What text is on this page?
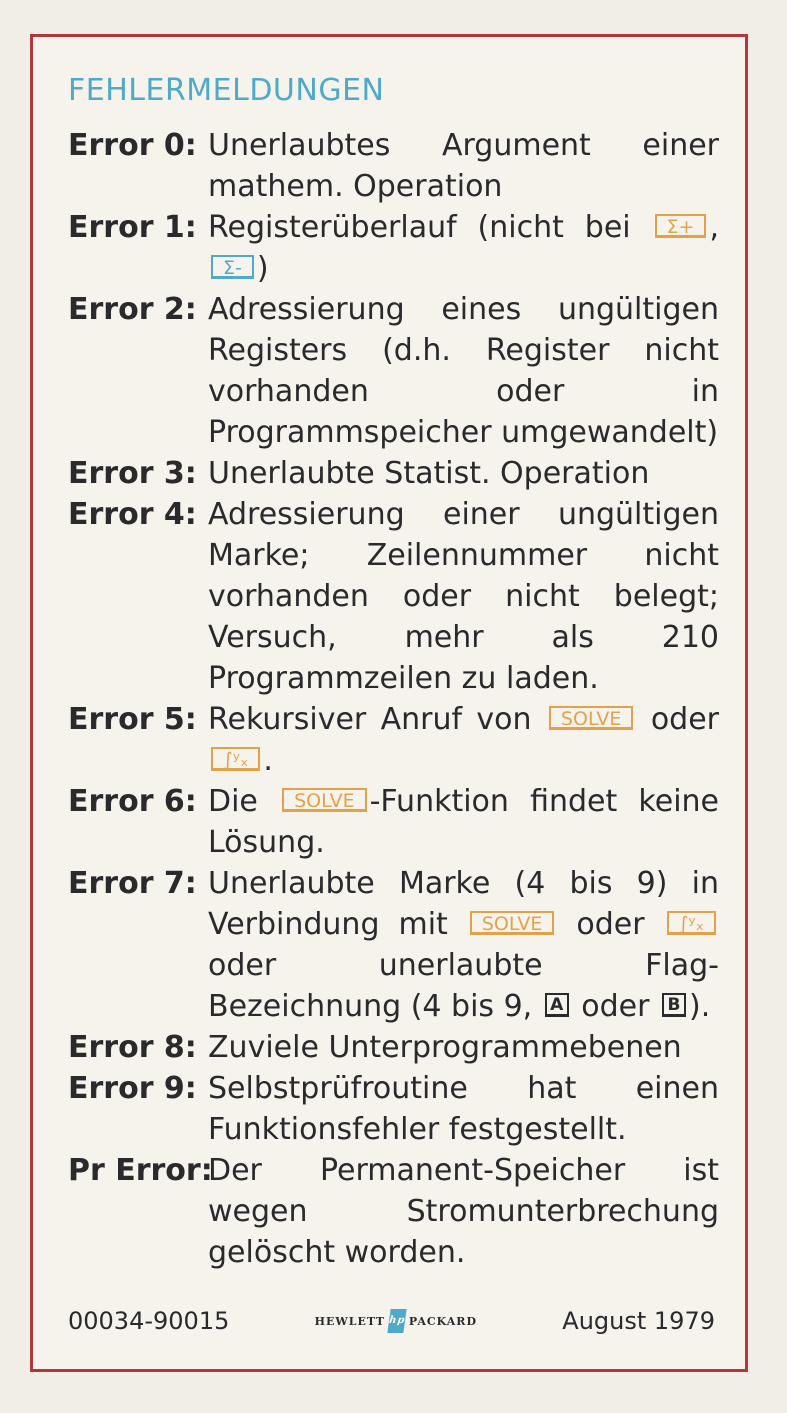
FEHLERMELDUNGEN
Error 0: Unerlaubtes Argument einer mathem. Operation
Error 1: Registerüberlauf (nicht bei Σ+ , Σ- )
Error 2: Adressierung eines ungültigen Registers (d.h. Register nicht vorhanden oder in Programmspeicher umgewandelt)
Error 3: Unerlaubte Statist. Operation
Error 4: Adressierung einer ungültigen Marke; Zeilennummer nicht vorhanden oder nicht belegt; Versuch, mehr als 210 Programmzeilen zu laden.
Error 5: Rekursiver Anruf von SOLVE oder ∫ʸₓ .
Error 6: Die SOLVE -Funktion findet keine Lösung.
Error 7: Unerlaubte Marke (4 bis 9) in Verbindung mit SOLVE oder ∫ʸₓ oder unerlaubte Flag-Bezeichnung (4 bis 9, A oder B ).
Error 8: Zuviele Unterprogrammebenen
Error 9: Selbstprüfroutine hat einen Funktionsfehler festgestellt.
Pr Error:
Der Permanent-Speicher ist wegen Stromunterbrechung gelöscht worden.
00034-90015	HEWLETT hp PACKARD	August 1979
